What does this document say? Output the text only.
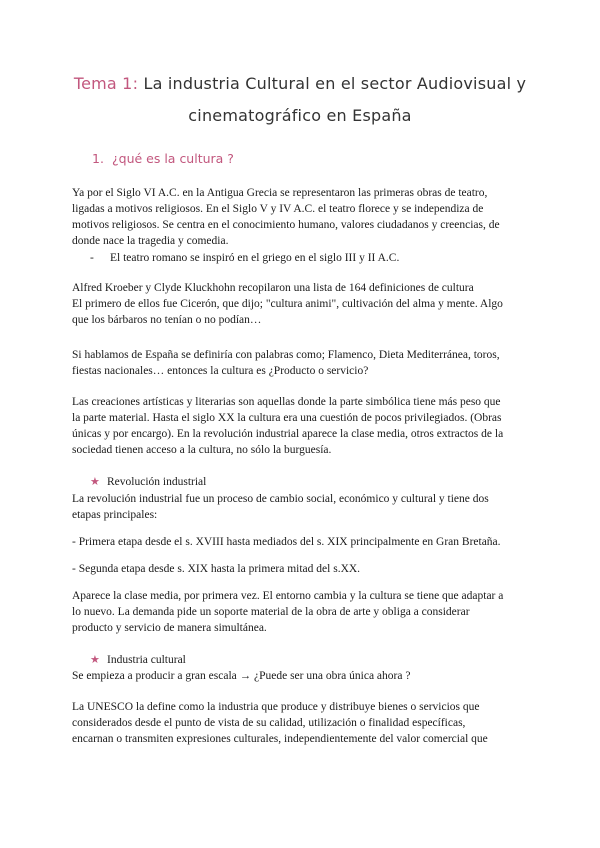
Tema 1: La industria Cultural en el sector Audiovisual y
cinematográfico en España
1. ¿qué es la cultura ?
Ya por el Siglo VI A.C. en la Antigua Grecia se representaron las primeras obras de teatro,
ligadas a motivos religiosos. En el Siglo V y IV A.C. el teatro florece y se independiza de
motivos religiosos. Se centra en el conocimiento humano, valores ciudadanos y creencias, de
donde nace la tragedia y comedia.
- El teatro romano se inspiró en el griego en el siglo III y II A.C.
Alfred Kroeber y Clyde Kluckhohn recopilaron una lista de 164 definiciones de cultura
El primero de ellos fue Cicerón, que dijo; "cultura animi", cultivación del alma y mente. Algo
que los bárbaros no tenían o no podían…
Si hablamos de España se definiría con palabras como; Flamenco, Dieta Mediterránea, toros,
fiestas nacionales… entonces la cultura es ¿Producto o servicio?
Las creaciones artísticas y literarias son aquellas donde la parte simbólica tiene más peso que
la parte material. Hasta el siglo XX la cultura era una cuestión de pocos privilegiados. (Obras
únicas y por encargo). En la revolución industrial aparece la clase media, otros extractos de la
sociedad tienen acceso a la cultura, no sólo la burguesía.
★ Revolución industrial
La revolución industrial fue un proceso de cambio social, económico y cultural y tiene dos
etapas principales:
- Primera etapa desde el s. XVIII hasta mediados del s. XIX principalmente en Gran Bretaña.
- Segunda etapa desde s. XIX hasta la primera mitad del s.XX.
Aparece la clase media, por primera vez. El entorno cambia y la cultura se tiene que adaptar a
lo nuevo. La demanda pide un soporte material de la obra de arte y obliga a considerar
producto y servicio de manera simultánea.
★ Industria cultural
Se empieza a producir a gran escala → ¿Puede ser una obra única ahora ?
La UNESCO la define como la industria que produce y distribuye bienes o servicios que
considerados desde el punto de vista de su calidad, utilización o finalidad específicas,
encarnan o transmiten expresiones culturales, independientemente del valor comercial que
